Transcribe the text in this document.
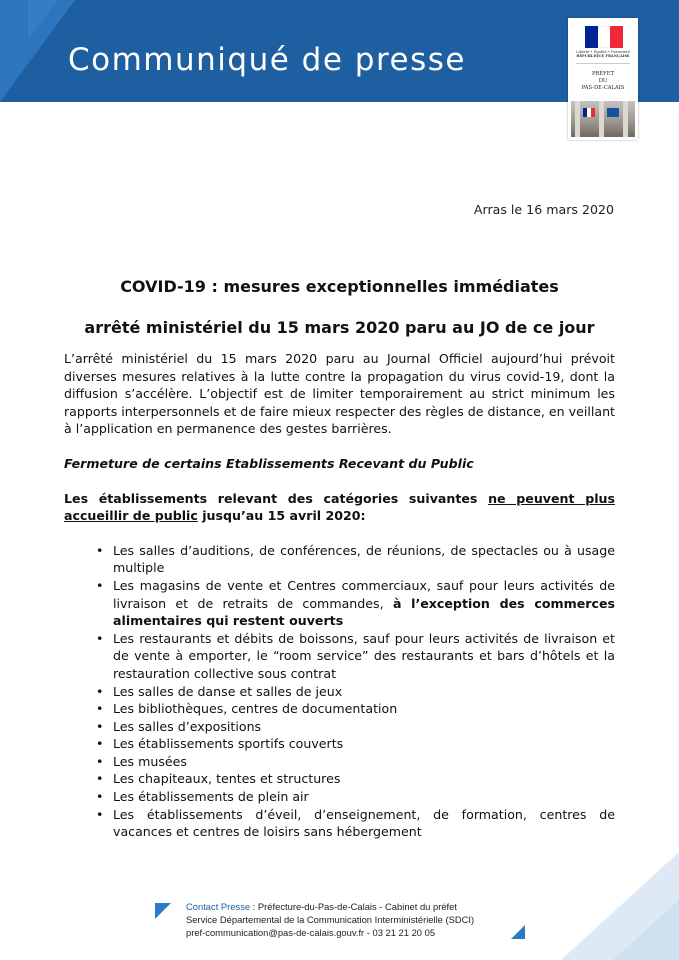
Communiqué de presse	Liberté • Égalité • Fraternité
RÉPUBLIQUE FRANÇAISE
PRÉFET
DU
PAS-DE-CALAIS
Arras le 16 mars 2020
COVID-19 : mesures exceptionnelles immédiates
arrêté ministériel du 15 mars 2020 paru au JO de ce jour

L’arrêté ministériel du 15 mars 2020 paru au Journal Officiel aujourd’hui prévoit diverses mesures relatives à la lutte contre la propagation du virus covid-19, dont la diffusion s’accélère. L’objectif est de limiter temporairement au strict minimum les rapports interpersonnels et de faire mieux respecter des règles de distance, en veillant à l’application en permanence des gestes barrières.

Fermeture de certains Etablissements Recevant du Public

Les établissements relevant des catégories suivantes ne peuvent plus accueillir de public jusqu’au 15 avril 2020:

• Les salles d’auditions, de conférences, de réunions, de spectacles ou à usage multiple
• Les magasins de vente et Centres commerciaux, sauf pour leurs activités de livraison et de retraits de commandes, à l’exception des commerces alimentaires qui restent ouverts
• Les restaurants et débits de boissons, sauf pour leurs activités de livraison et de vente à emporter, le “room service” des restaurants et bars d’hôtels et la restauration collective sous contrat
• Les salles de danse et salles de jeux
• Les bibliothèques, centres de documentation
• Les salles d’expositions
• Les établissements sportifs couverts
• Les musées
• Les chapiteaux, tentes et structures
• Les établissements de plein air
• Les établissements d’éveil, d’enseignement, de formation, centres de vacances et centres de loisirs sans hébergement
Contact Presse : Préfecture-du-Pas-de-Calais - Cabinet du préfet
Service Départemental de la Communication Interministérielle (SDCI)
pref-communication@pas-de-calais.gouv.fr - 03 21 21 20 05
